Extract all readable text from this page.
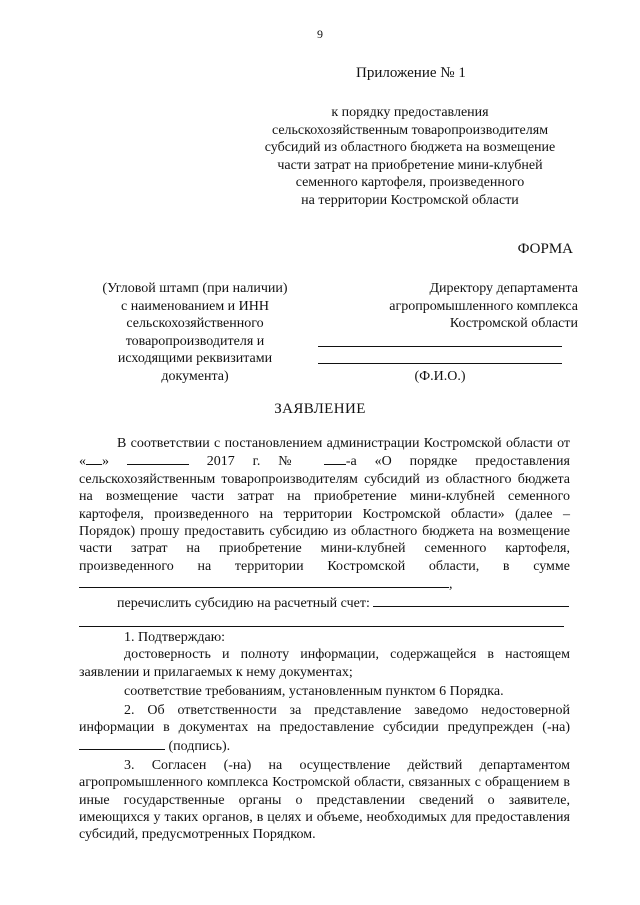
9
Приложение № 1
к порядку предоставления
сельскохозяйственным товаропроизводителям
субсидий из областного бюджета на возмещение
части затрат на приобретение мини-клубней
семенного картофеля, произведенного
на территории Костромской области
ФОРМА
(Угловой штамп (при наличии)
с наименованием и ИНН
сельскохозяйственного
товаропроизводителя и
исходящими реквизитами
документа)
Директору департамента
агропромышленного комплекса
Костромской области
(Ф.И.О.)
ЗАЯВЛЕНИЕ

В соответствии с постановлением администрации Костромской области от « »	2017 г. № -а «О порядке предоставления сельскохозяйственным товаропроизводителям субсидий из областного бюджета на возмещение части затрат на приобретение мини-клубней семенного картофеля, произведенного на территории Костромской области» (далее – Порядок) прошу предоставить субсидию из областного бюджета на возмещение части затрат на приобретение мини-клубней семенного картофеля, произведенного на территории Костромской области, в сумме ,

перечислить субсидию на расчетный счет:

1. Подтверждаю:

достоверность и полноту информации, содержащейся в настоящем заявлении и прилагаемых к нему документах;

соответствие требованиям, установленным пунктом 6 Порядка.

2. Об ответственности за представление заведомо недостоверной информации в документах на предоставление субсидии предупрежден (-на)  (подпись).

3. Согласен (-на) на осуществление действий департаментом агропромышленного комплекса Костромской области, связанных с обращением в иные государственные органы о представлении сведений о заявителе, имеющихся у таких органов, в целях и объеме, необходимых для предоставления субсидий, предусмотренных Порядком.
